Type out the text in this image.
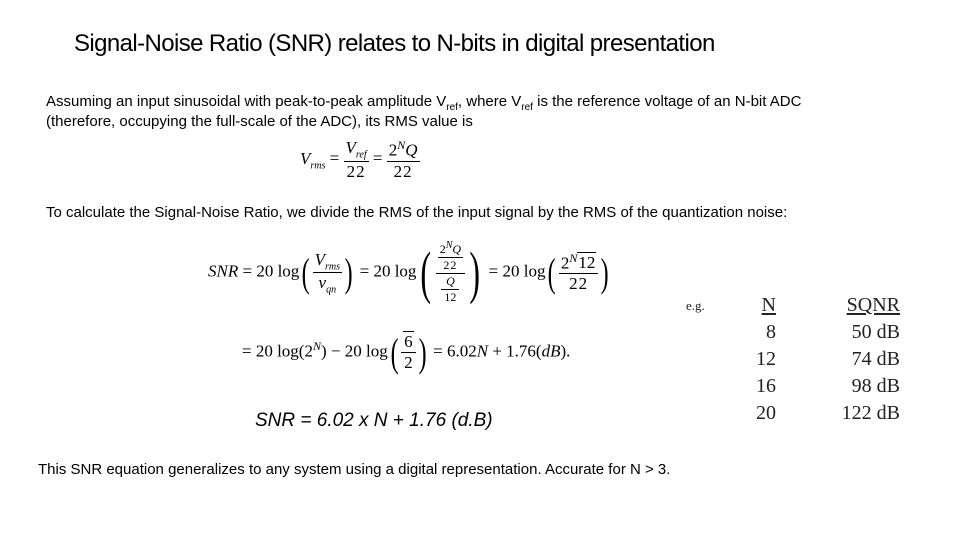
Signal-Noise Ratio (SNR) relates to N-bits in digital presentation
Assuming an input sinusoidal with peak-to-peak amplitude $V_{ref}$, where $V_{ref}$ is the reference voltage of an N-bit ADC
(therefore, occupying the full-scale of the ADC), its RMS value is
$V_{rms} = \frac{V_{ref}}{22} = \frac{2^NQ}{22}$
To calculate the Signal-Noise Ratio, we divide the RMS of the input signal by the RMS of the quantization noise:
SNR = 20 $\log( \frac{V_{rms}}{v_{qn}}$ ) = 20 $\log( \frac{\frac{2^NQ}{22}}{\frac{Q}{12}}$ ) = 20 $\log( \frac{2^N12}{22}$ )
= 20 $\log(2^N) - 20$ $\log( \frac{6}{2}$ ) = 6.02N + 1.76(dB).
SNR = 6.02 x N + 1.76 (d.B)
e.g.	N		SQNR
	8		50 dB
	12		74 dB
	16		98 dB
	20		122 dB
This SNR equation generalizes to any system using a digital representation. Accurate for N > 3.
